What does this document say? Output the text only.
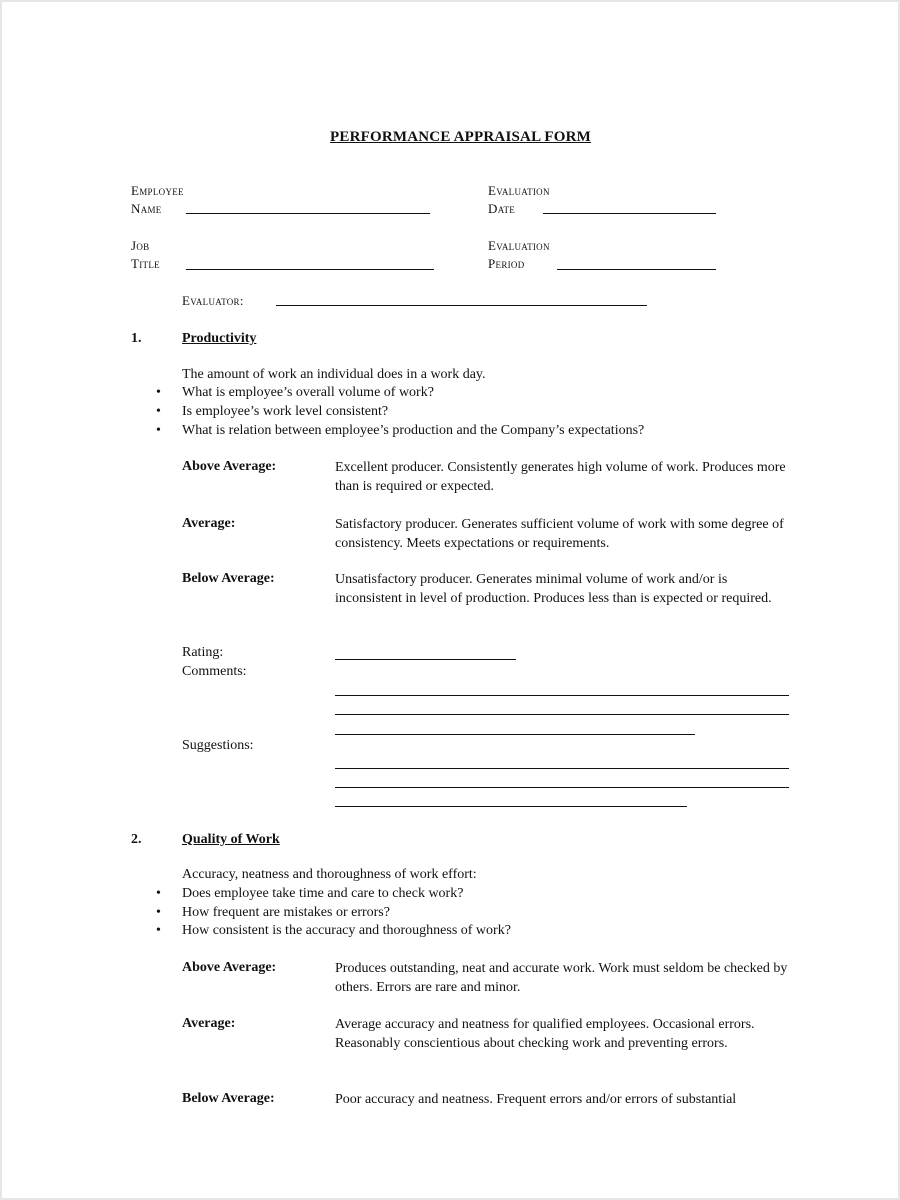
PERFORMANCE APPRAISAL FORM
Employee
Name
Evaluation
Date
Job
Title
Evaluation
Period
Evaluator:
1.	Productivity
The amount of work an individual does in a work day.
• What is employee’s overall volume of work?
• Is employee’s work level consistent?
• What is relation between employee’s production and the Company’s expectations?
Above Average:	Excellent producer. Consistently generates high volume of work. Produces more than is required or expected.
Average:	Satisfactory producer. Generates sufficient volume of work with some degree of consistency. Meets expectations or requirements.
Below Average:	Unsatisfactory producer. Generates minimal volume of work and/or is inconsistent in level of production. Produces less than is expected or required.
Rating:
Comments:
Suggestions:
2.	Quality of Work
Accuracy, neatness and thoroughness of work effort:
• Does employee take time and care to check work?
• How frequent are mistakes or errors?
• How consistent is the accuracy and thoroughness of work?
Above Average:	Produces outstanding, neat and accurate work. Work must seldom be checked by others. Errors are rare and minor.
Average:	Average accuracy and neatness for qualified employees. Occasional errors. Reasonably conscientious about checking work and preventing errors.
Below Average:	Poor accuracy and neatness. Frequent errors and/or errors of substantial
